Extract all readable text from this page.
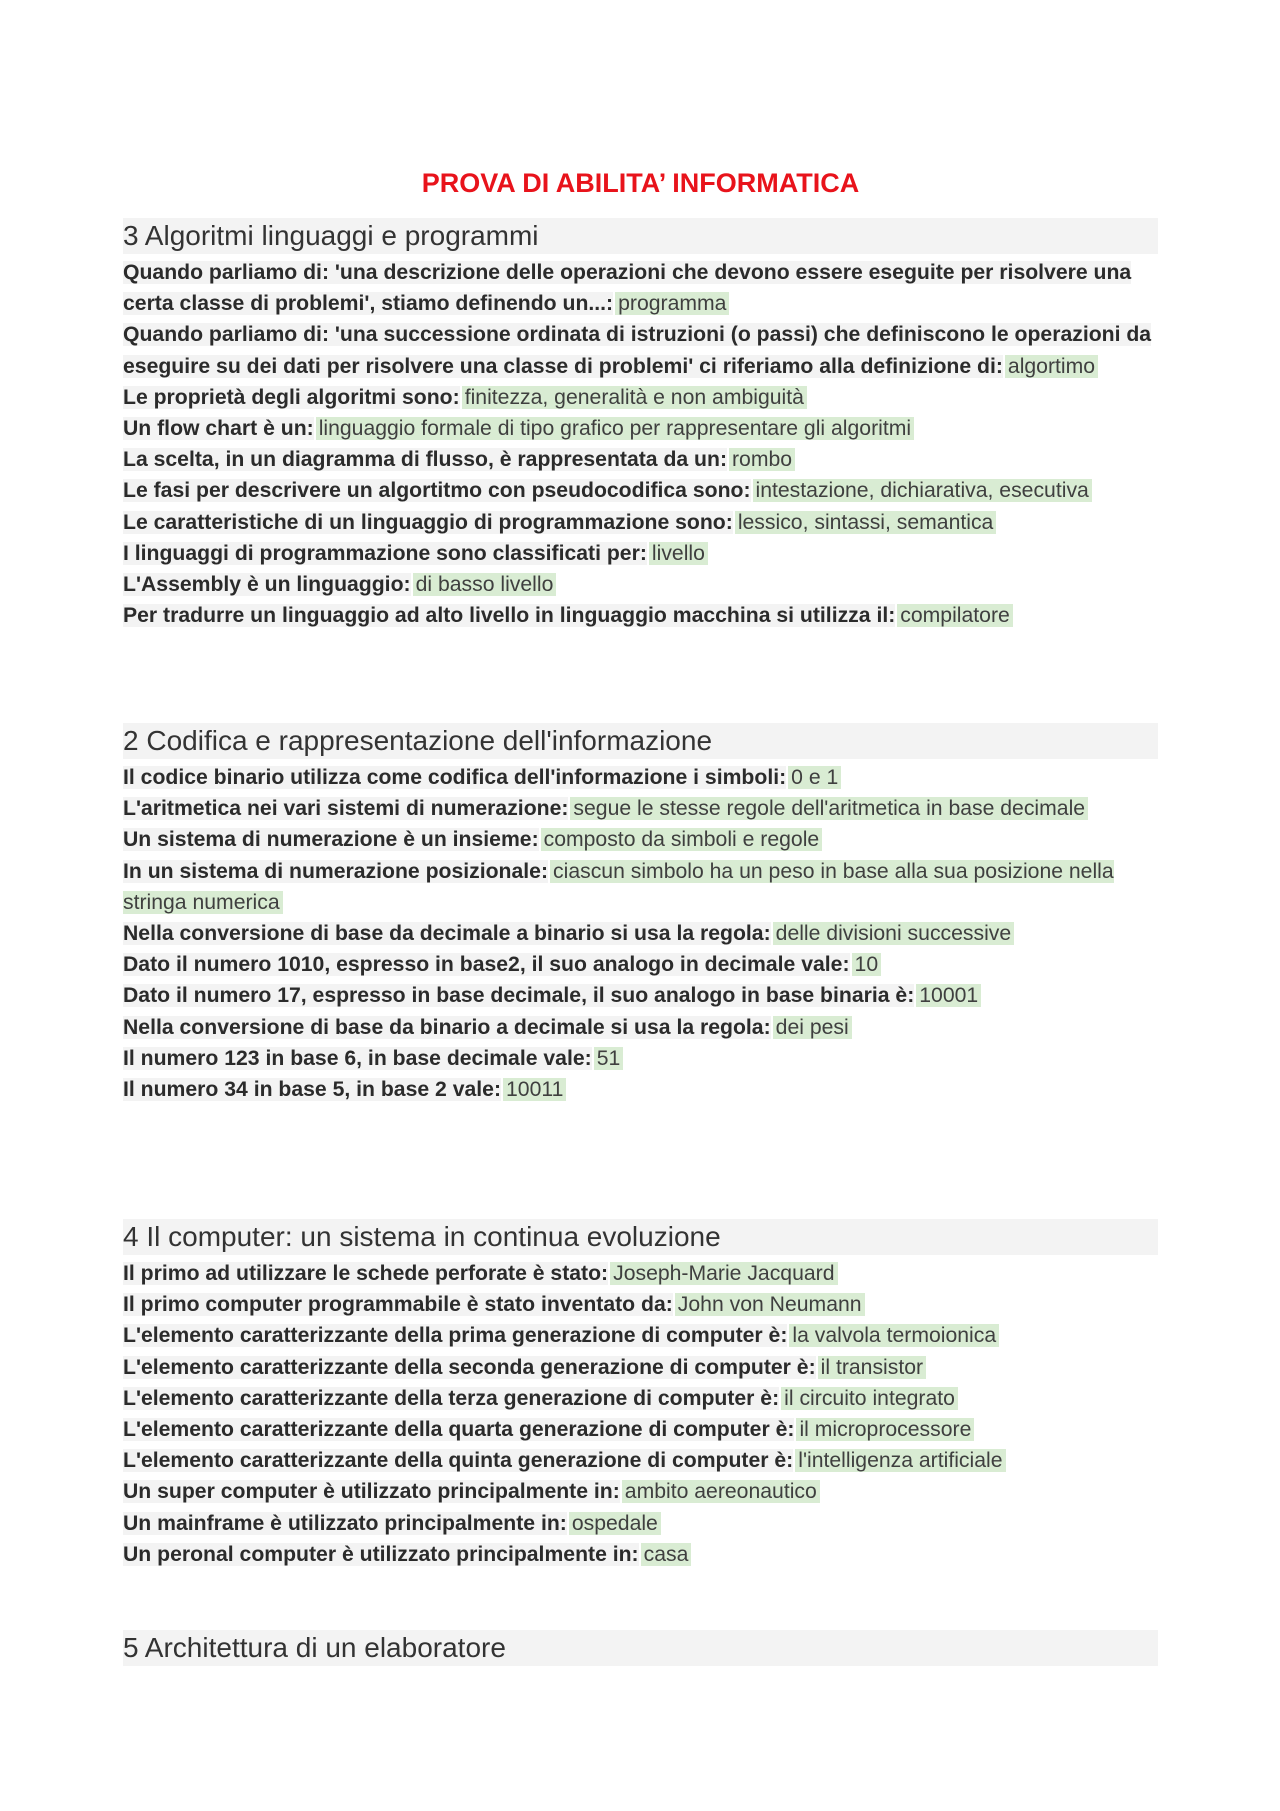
PROVA DI ABILITA’ INFORMATICA
3 Algoritmi linguaggi e programmi

Quando parliamo di: 'una descrizione delle operazioni che devono essere eseguite per risolvere una certa classe di problemi', stiamo definendo un...: programma

Quando parliamo di: 'una successione ordinata di istruzioni (o passi) che definiscono le operazioni da eseguire su dei dati per risolvere una classe di problemi' ci riferiamo alla definizione di: algortimo

Le proprietà degli algoritmi sono: finitezza, generalità e non ambiguità

Un flow chart è un: linguaggio formale di tipo grafico per rappresentare gli algoritmi

La scelta, in un diagramma di flusso, è rappresentata da un: rombo

Le fasi per descrivere un algortitmo con pseudocodifica sono: intestazione, dichiarativa, esecutiva

Le caratteristiche di un linguaggio di programmazione sono: lessico, sintassi, semantica

I linguaggi di programmazione sono classificati per: livello

L'Assembly è un linguaggio: di basso livello

Per tradurre un linguaggio ad alto livello in linguaggio macchina si utilizza il: compilatore

2 Codifica e rappresentazione dell'informazione

Il codice binario utilizza come codifica dell'informazione i simboli: 0 e 1

L'aritmetica nei vari sistemi di numerazione: segue le stesse regole dell'aritmetica in base decimale

Un sistema di numerazione è un insieme: composto da simboli e regole

In un sistema di numerazione posizionale: ciascun simbolo ha un peso in base alla sua posizione nella stringa numerica

Nella conversione di base da decimale a binario si usa la regola: delle divisioni successive

Dato il numero 1010, espresso in base2, il suo analogo in decimale vale: 10

Dato il numero 17, espresso in base decimale, il suo analogo in base binaria è: 10001

Nella conversione di base da binario a decimale si usa la regola: dei pesi

Il numero 123 in base 6, in base decimale vale: 51

Il numero 34 in base 5, in base 2 vale: 10011

4 Il computer: un sistema in continua evoluzione

Il primo ad utilizzare le schede perforate è stato: Joseph-Marie Jacquard

Il primo computer programmabile è stato inventato da: John von Neumann

L'elemento caratterizzante della prima generazione di computer è: la valvola termoionica

L'elemento caratterizzante della seconda generazione di computer è: il transistor

L'elemento caratterizzante della terza generazione di computer è: il circuito integrato

L'elemento caratterizzante della quarta generazione di computer è: il microprocessore

L'elemento caratterizzante della quinta generazione di computer è: l'intelligenza artificiale

Un super computer è utilizzato principalmente in: ambito aereonautico

Un mainframe è utilizzato principalmente in: ospedale

Un peronal computer è utilizzato principalmente in: casa

5 Architettura di un elaboratore
